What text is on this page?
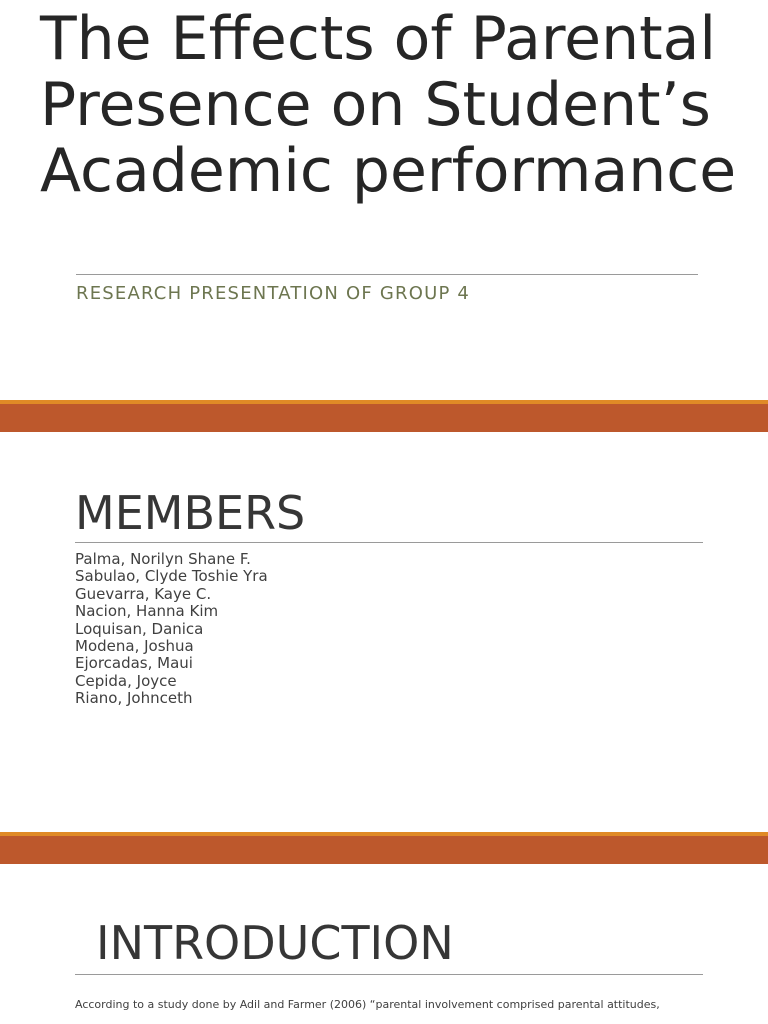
The Effects of Parental Presence on Student’s Academic performance
RESEARCH PRESENTATION OF GROUP 4
MEMBERS
Palma, Norilyn Shane F.
Sabulao, Clyde Toshie Yra
Guevarra, Kaye C.
Nacion, Hanna Kim
Loquisan, Danica
Modena, Joshua
Ejorcadas, Maui
Cepida, Joyce
Riano, Johnceth
INTRODUCTION

According to a study done by Adil and Farmer (2006) “parental involvement comprised parental attitudes,
